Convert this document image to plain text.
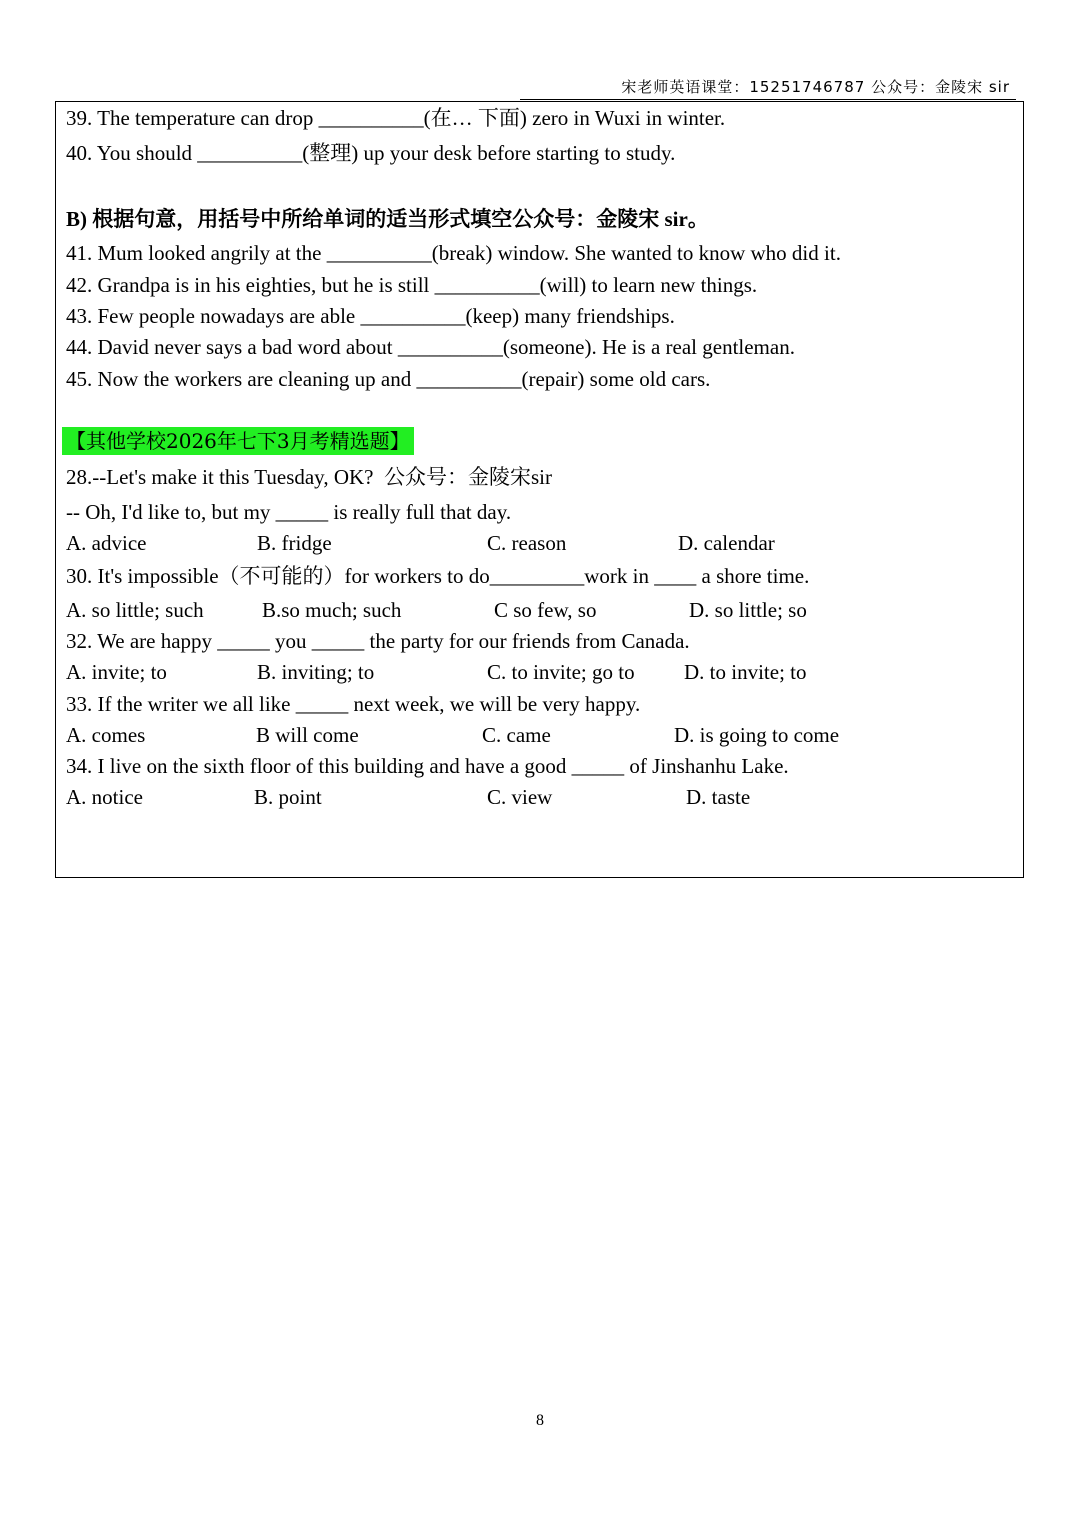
宋老师英语课堂：15251746787 公众号：金陵宋 sir
39. The temperature can drop __________(在… 下面) zero in Wuxi in winter.
40. You should __________(整理) up your desk before starting to study.
B) 根据句意，用括号中所给单词的适当形式填空公众号：金陵宋 sir。
41. Mum looked angrily at the __________(break) window. She wanted to know who did it.
42. Grandpa is in his eighties, but he is still __________(will) to learn new things.
43. Few people nowadays are able __________(keep) many friendships.
44. David never says a bad word about __________(someone). He is a real gentleman.
45. Now the workers are cleaning up and __________(repair) some old cars.
【其他学校2026年七下3月考精选题】
28.--Let's make it this Tuesday, OK?  公众号：金陵宋sir
-- Oh, I'd like to, but my _____ is really full that day.
A. advice	B. fridge	C. reason	D. calendar
30. It's impossible（不可能的）for workers to do_________work in ____ a shore time.
A. so little; such	B.so much; such	C so few, so	D. so little; so
32. We are happy _____ you _____ the party for our friends from Canada.
A. invite; to	B. inviting; to	C. to invite; go to D. to invite; to
33. If the writer we all like _____ next week, we will be very happy.
A. comes	B will come	C. came	D. is going to come
34. I live on the sixth floor of this building and have a good _____ of Jinshanhu Lake.
A. notice	B. point	C. view	D. taste
8
